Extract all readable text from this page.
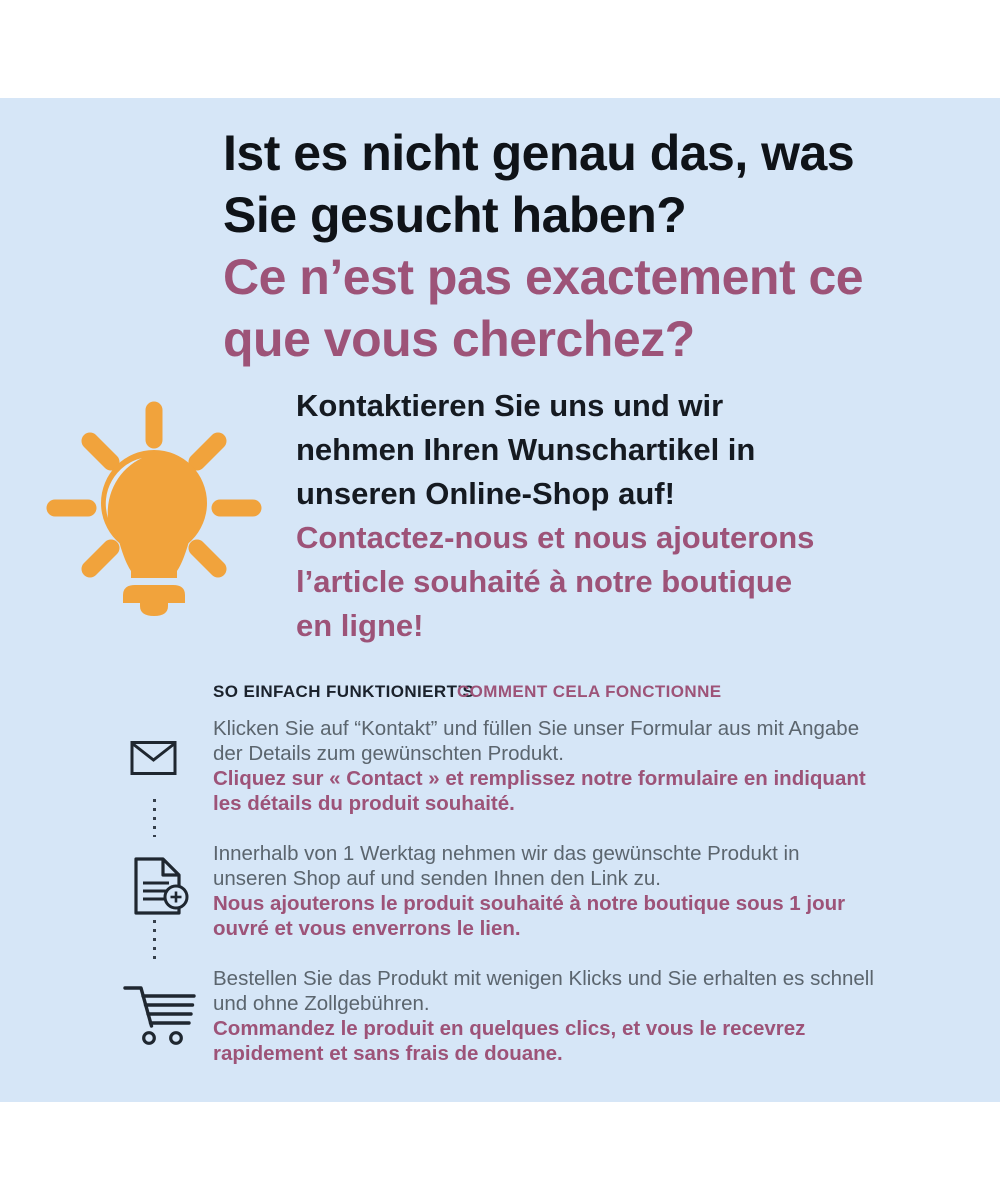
Ist es nicht genau das, was
Sie gesucht haben?
Ce n’est pas exactement ce
que vous cherchez?
Kontaktieren Sie uns und wir
nehmen Ihren Wunschartikel in
unseren Online-Shop auf!
Contactez-nous et nous ajouterons
l’article souhaité à notre boutique
en ligne!
SO EINFACH FUNKTIONIERT’S
COMMENT CELA FONCTIONNE
Klicken Sie auf “Kontakt” und füllen Sie unser Formular aus mit Angabe
der Details zum gewünschten Produkt.
Cliquez sur « Contact » et remplissez notre formulaire en indiquant
les détails du produit souhaité.
Innerhalb von 1 Werktag nehmen wir das gewünschte Produkt in
unseren Shop auf und senden Ihnen den Link zu.
Nous ajouterons le produit souhaité à notre boutique sous 1 jour
ouvré et vous enverrons le lien.
Bestellen Sie das Produkt mit wenigen Klicks und Sie erhalten es schnell
und ohne Zollgebühren.
Commandez le produit en quelques clics, et vous le recevrez
rapidement et sans frais de douane.
